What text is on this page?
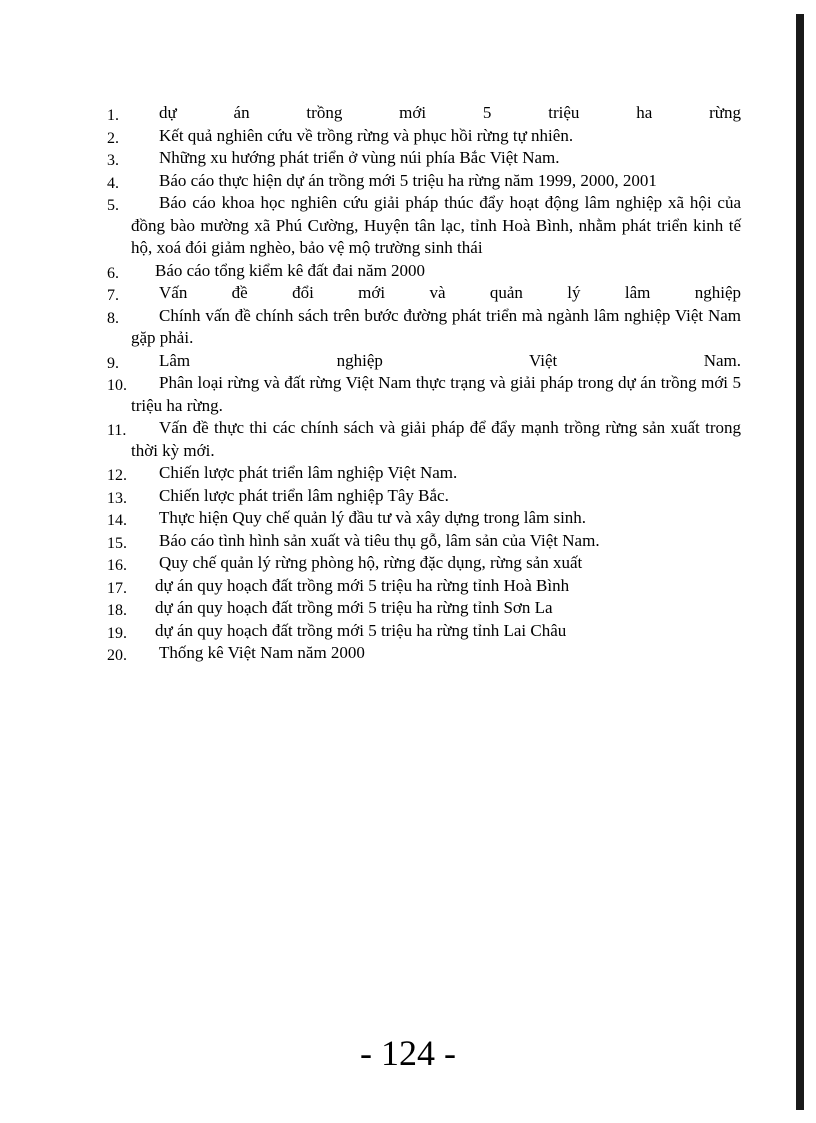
1.	dự án trồng mới 5 triệu ha rừng
2.	Kết quả nghiên cứu về trồng rừng và phục hồi rừng tự nhiên.
3.	Những xu hướng phát triển ở vùng núi phía Bắc Việt Nam.
4.	Báo cáo thực hiện dự án trồng mới 5 triệu ha rừng năm 1999, 2000, 2001
5.	Báo cáo khoa học nghiên cứu giải pháp thúc đẩy hoạt động lâm nghiệp xã hội của đồng bào mường xã Phú Cường, Huyện tân lạc, tỉnh Hoà Bình, nhằm phát triển kinh tế hộ, xoá đói giảm nghèo, bảo vệ mộ trường sinh thái
6.	Báo cáo tổng kiểm kê đất đai năm 2000
7.	Vấn đề đổi mới và quản lý lâm nghiệp
8.	Chính vấn đề chính sách trên bước đường phát triển mà ngành lâm nghiệp Việt Nam gặp phải.
9.	Lâm nghiệp Việt Nam.
10.	Phân loại rừng và đất rừng Việt Nam thực trạng và giải pháp trong dự án trồng mới 5 triệu ha rừng.
11.	Vấn đề thực thi các chính sách và giải pháp để đẩy mạnh trồng rừng sản xuất trong thời kỳ mới.
12.	Chiến lược phát triển lâm nghiệp Việt Nam.
13.	Chiến lược phát triển lâm nghiệp Tây Bắc.
14.	Thực hiện Quy chế quản lý đầu tư và xây dựng trong lâm sinh.
15.	Báo cáo tình hình sản xuất và tiêu thụ gỗ, lâm sản của Việt Nam.
16.	Quy chế quản lý rừng phòng hộ, rừng đặc dụng, rừng sản xuất
17.	dự án quy hoạch đất trồng mới 5 triệu ha rừng tỉnh Hoà Bình
18.	dự án quy hoạch đất trồng mới 5 triệu ha rừng tỉnh Sơn La
19.	dự án quy hoạch đất trồng mới 5 triệu ha rừng tỉnh Lai Châu
20.	Thống kê Việt Nam năm 2000
- 124 -
